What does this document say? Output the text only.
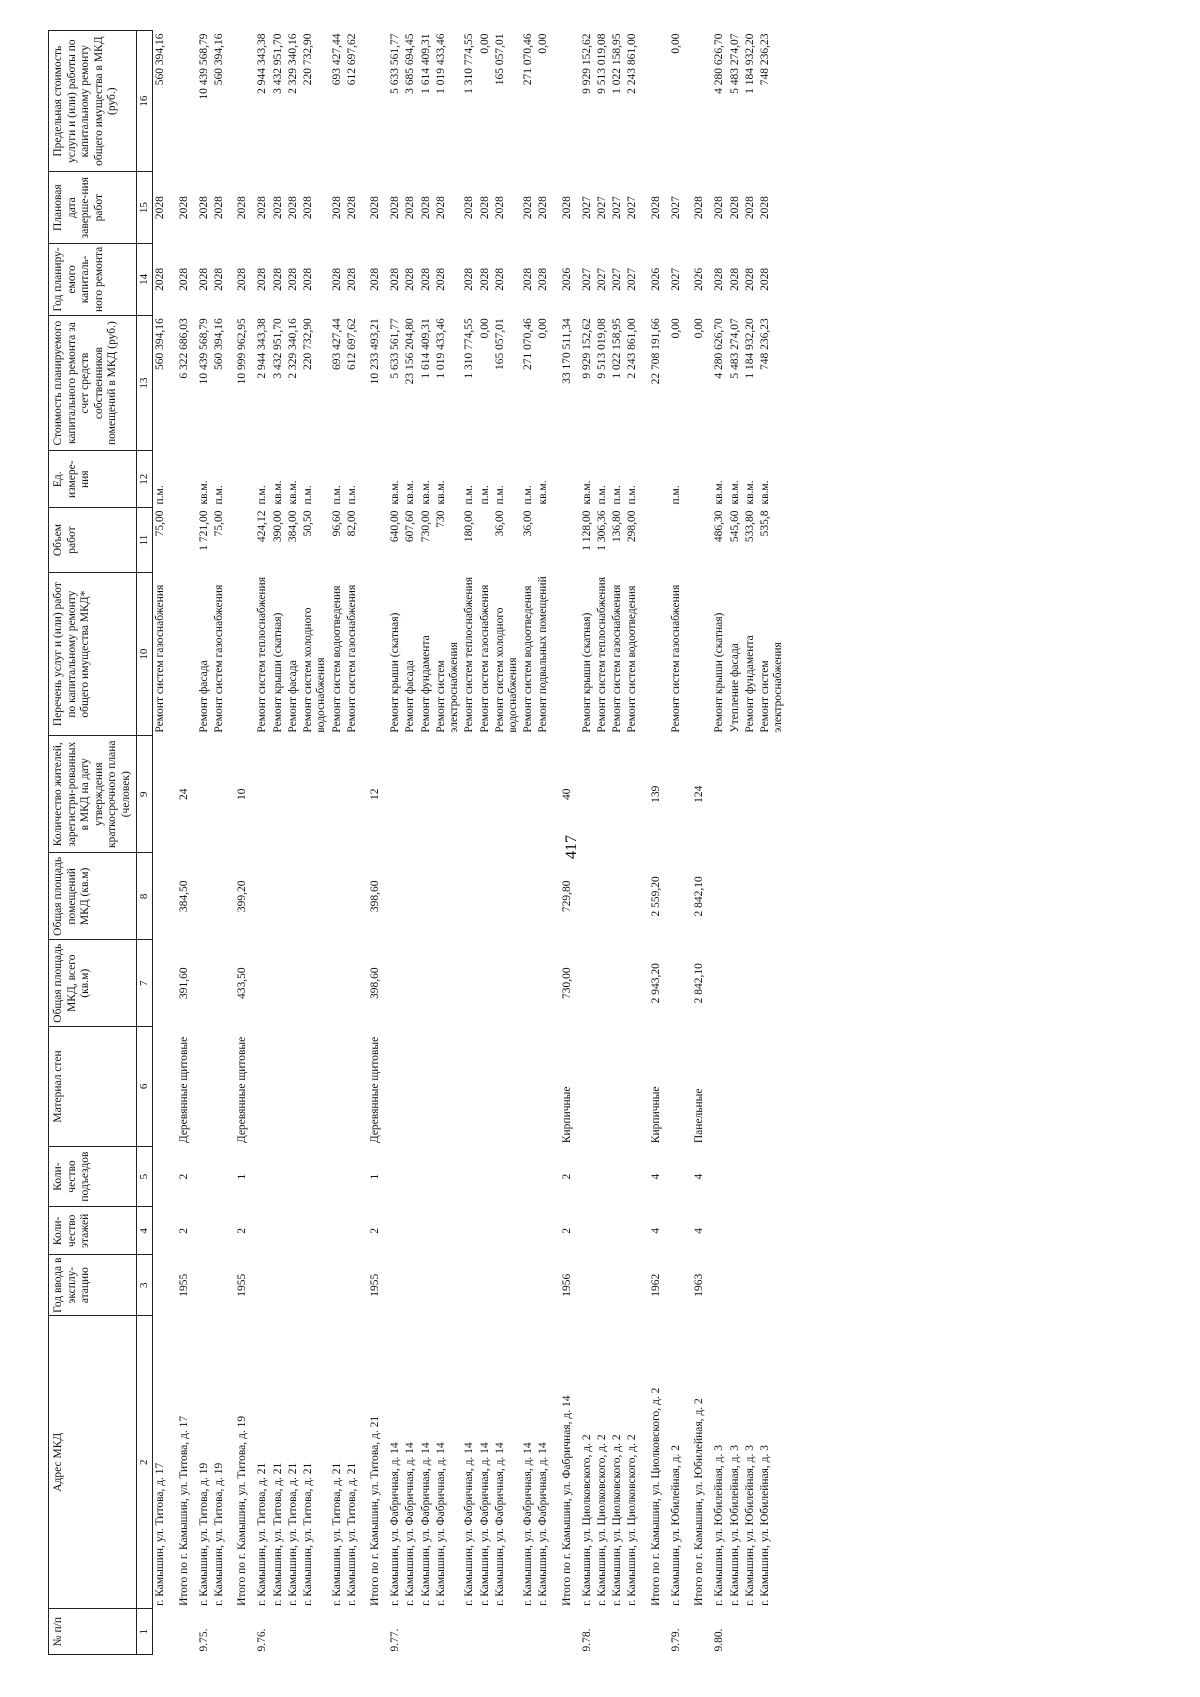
417
№ п/п	Адрес МКД	Год ввода в эксплу-атацию	Коли-чество этажей	Коли-чество подъездов	Материал стен	Общая площадь МКД, всего (кв.м)	Общая площадь помещений МКД (кв.м)	Количество жителей, зарегистри-рованных в МКД на дату утверждения краткосрочного плана (человек)	Перечень услуг и (или) работ по капитальному ремонту общего имущества МКД*	Объем работ	Ед. измере-ния	Стоимость планируемого капитального ремонта за счет средств собственников помещений в МКД (руб.)	Год планиру-емого капиталь-ного ремонта	Плановая дата заверше-ния работ	Предельная стоимость услуги и (или) работы по капитальному ремонту общего имущества в МКД (руб.)
1	2	3	4	5	6	7	8	9	10	11	12	13	14	15	16
	г. Камышин, ул. Титова, д. 17								Ремонт систем газоснабжения	75,00	п.м.	560 394,16	2028	2028	560 394,16
	Итого по г. Камышин, ул. Титова, д. 17	1955	2	2	Деревянные щитовые	391,60	384,50	24				6 322 686,03	2028	2028	
9.75.	г. Камышин, ул. Титова, д. 19								Ремонт фасада	1 721,00	кв.м.	10 439 568,79	2028	2028	10 439 568,79
	г. Камышин, ул. Титова, д. 19								Ремонт систем газоснабжения	75,00	п.м.	560 394,16	2028	2028	560 394,16
	Итого по г. Камышин, ул. Титова, д. 19	1955	2	1	Деревянные щитовые	433,50	399,20	10				10 999 962,95	2028	2028	
9.76.	г. Камышин, ул. Титова, д. 21								Ремонт систем теплоснабжения	424,12	п.м.	2 944 343,38	2028	2028	2 944 343,38
	г. Камышин, ул. Титова, д. 21								Ремонт крыши (скатная)	390,00	кв.м.	3 432 951,70	2028	2028	3 432 951,70
	г. Камышин, ул. Титова, д. 21								Ремонт фасада	384,00	кв.м.	2 329 340,16	2028	2028	2 329 340,16
	г. Камышин, ул. Титова, д. 21								Ремонт систем холодного водоснабжения	50,50	п.м.	220 732,90	2028	2028	220 732,90
	г. Камышин, ул. Титова, д. 21								Ремонт систем водоотведения	96,60	п.м.	693 427,44	2028	2028	693 427,44
	г. Камышин, ул. Титова, д. 21								Ремонт систем газоснабжения	82,00	п.м.	612 697,62	2028	2028	612 697,62
	Итого по г. Камышин, ул. Титова, д. 21	1955	2	1	Деревянные щитовые	398,60	398,60	12				10 233 493,21	2028	2028	
9.77.	г. Камышин, ул. Фабричная, д. 14								Ремонт крыши (скатная)	640,00	кв.м.	5 633 561,77	2028	2028	5 633 561,77
	г. Камышин, ул. Фабричная, д. 14								Ремонт фасада	607,60	кв.м.	23 156 204,80	2028	2028	3 685 694,45
	г. Камышин, ул. Фабричная, д. 14								Ремонт фундамента	730,00	кв.м.	1 614 409,31	2028	2028	1 614 409,31
	г. Камышин, ул. Фабричная, д. 14								Ремонт систем электроснабжения	730	кв.м.	1 019 433,46	2028	2028	1 019 433,46
	г. Камышин, ул. Фабричная, д. 14								Ремонт систем теплоснабжения	180,00	п.м.	1 310 774,55	2028	2028	1 310 774,55
	г. Камышин, ул. Фабричная, д. 14								Ремонт систем газоснабжения		п.м.	0,00	2028	2028	0,00
	г. Камышин, ул. Фабричная, д. 14								Ремонт систем холодного водоснабжения	36,00	п.м.	165 057,01	2028	2028	165 057,01
	г. Камышин, ул. Фабричная, д. 14								Ремонт систем водоотведения	36,00	п.м.	271 070,46	2028	2028	271 070,46
	г. Камышин, ул. Фабричная, д. 14								Ремонт подвальных помещений		кв.м.	0,00	2028	2028	0,00
	Итого по г. Камышин, ул. Фабричная, д. 14	1956	2	2	Кирпичные	730,00	729,80	40				33 170 511,34	2026	2028	
9.78.	г. Камышин, ул. Циолковского, д. 2								Ремонт крыши (скатная)	1 128,00	кв.м.	9 929 152,62	2027	2027	9 929 152,62
	г. Камышин, ул. Циолковского, д. 2								Ремонт систем теплоснабжения	1 306,36	п.м.	9 513 019,08	2027	2027	9 513 019,08
	г. Камышин, ул. Циолковского, д. 2								Ремонт систем газоснабжения	136,80	п.м.	1 022 158,95	2027	2027	1 022 158,95
	г. Камышин, ул. Циолковского, д. 2								Ремонт систем водоотведения	298,00	п.м.	2 243 861,00	2027	2027	2 243 861,00
	Итого по г. Камышин, ул. Циолковского, д. 2	1962	4	4	Кирпичные	2 943,20	2 559,20	139				22 708 191,66	2026	2028	
9.79.	г. Камышин, ул. Юбилейная, д. 2								Ремонт систем газоснабжения		п.м.	0,00	2027	2027	0,00
	Итого по г. Камышин, ул. Юбилейная, д. 2	1963	4	4	Панельные	2 842,10	2 842,10	124				0,00	2026	2028	
9.80.	г. Камышин, ул. Юбилейная, д. 3								Ремонт крыши (скатная)	486,30	кв.м.	4 280 626,70	2028	2028	4 280 626,70
	г. Камышин, ул. Юбилейная, д. 3								Утепление фасада	545,60	кв.м.	5 483 274,07	2028	2028	5 483 274,07
	г. Камышин, ул. Юбилейная, д. 3								Ремонт фундамента	533,80	кв.м.	1 184 932,20	2028	2028	1 184 932,20
	г. Камышин, ул. Юбилейная, д. 3								Ремонт систем электроснабжения	535,8	кв.м.	748 236,23	2028	2028	748 236,23
